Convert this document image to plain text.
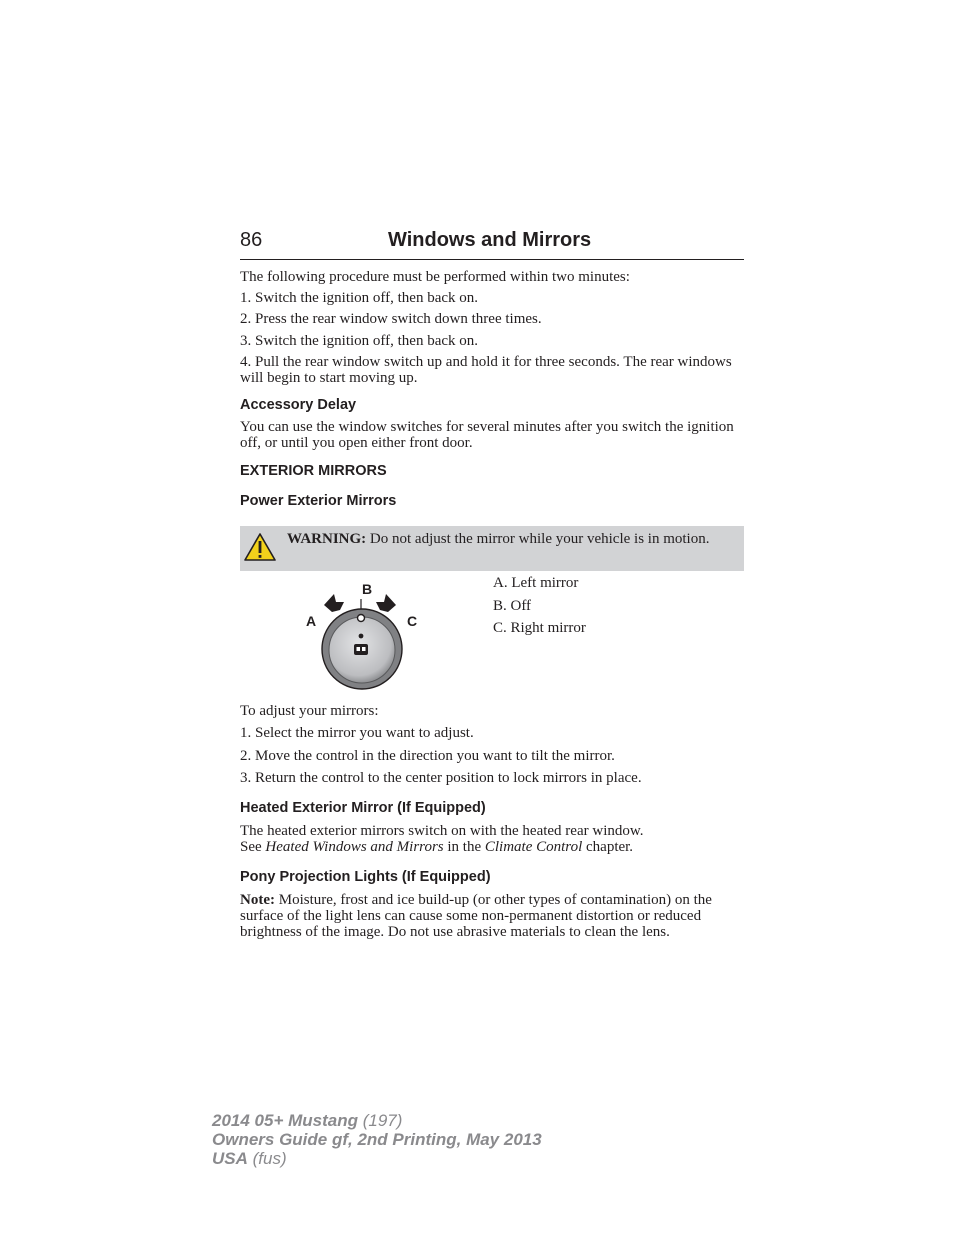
86	Windows and Mirrors

The following procedure must be performed within two minutes:

1. Switch the ignition off, then back on.

2. Press the rear window switch down three times.

3. Switch the ignition off, then back on.

4. Pull the rear window switch up and hold it for three seconds. The rear windows will begin to start moving up.

Accessory Delay

You can use the window switches for several minutes after you switch the ignition off, or until you open either front door.

EXTERIOR MIRRORS
Power Exterior Mirrors
WARNING: Do not adjust the mirror while your vehicle is in motion.
B
A	C
A. Left mirror
B. Off
C. Right mirror

To adjust your mirrors:

1. Select the mirror you want to adjust.

2. Move the control in the direction you want to tilt the mirror.

3. Return the control to the center position to lock mirrors in place.

Heated Exterior Mirror (If Equipped)

The heated exterior mirrors switch on with the heated rear window.
See Heated Windows and Mirrors in the Climate Control chapter.

Pony Projection Lights (If Equipped)

Note: Moisture, frost and ice build-up (or other types of contamination) on the surface of the light lens can cause some non-permanent distortion or reduced brightness of the image. Do not use abrasive materials to clean the lens.

2014 05+ Mustang (197)
Owners Guide gf, 2nd Printing, May 2013
USA (fus)
